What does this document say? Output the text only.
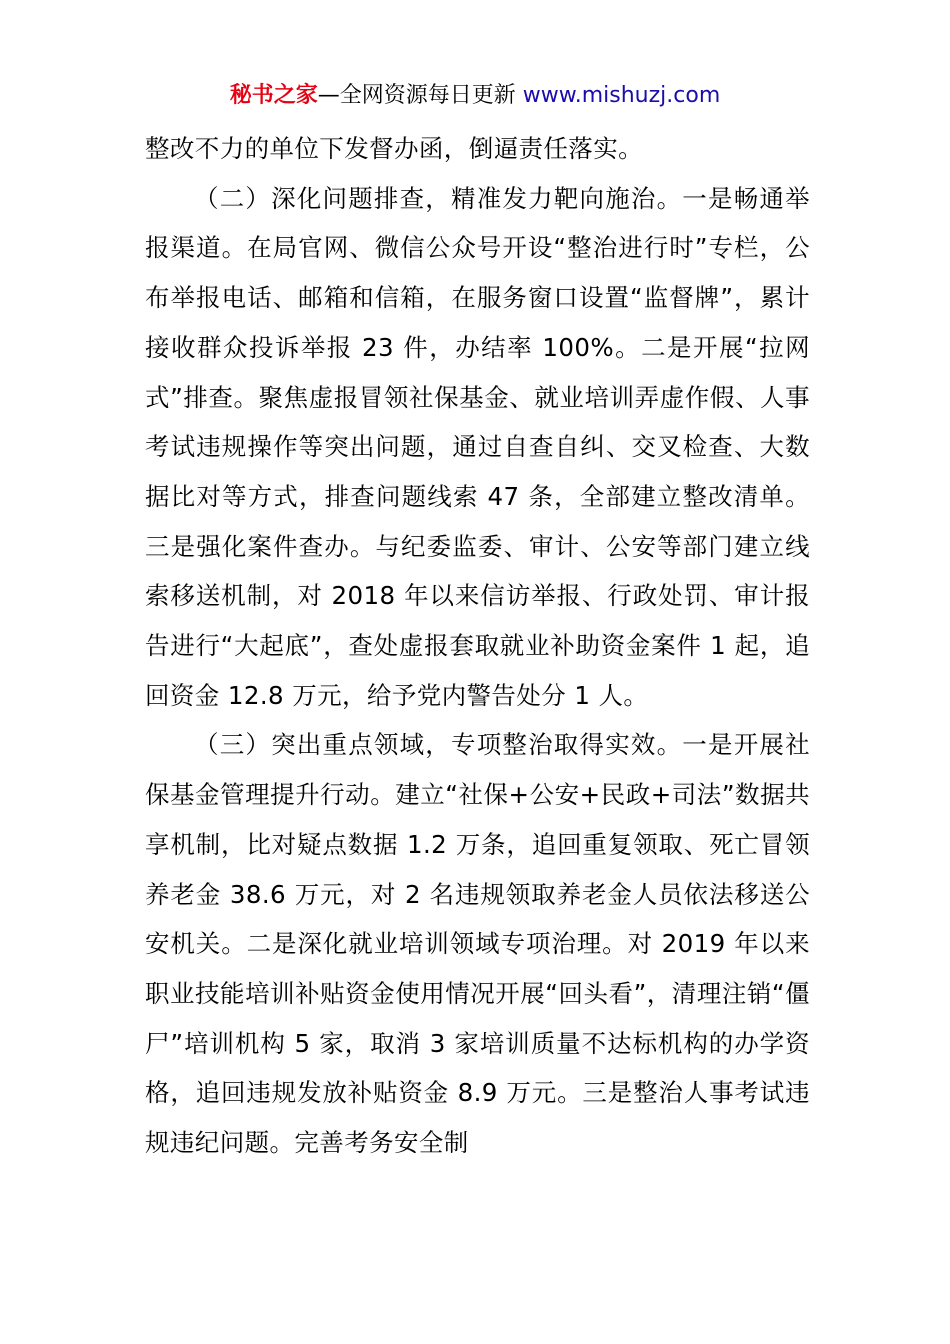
秘书之家—全网资源每日更新 www.mishuzj.com

整改不力的单位下发督办函，倒逼责任落实。

（二）深化问题排查，精准发力靶向施治。一是畅通举报渠道。在局官网、微信公众号开设“整治进行时”专栏，公布举报电话、邮箱和信箱，在服务窗口设置“监督牌”，累计接收群众投诉举报 23 件，办结率 100%。二是开展“拉网式”排查。聚焦虚报冒领社保基金、就业培训弄虚作假、人事考试违规操作等突出问题，通过自查自纠、交叉检查、大数据比对等方式，排查问题线索 47 条，全部建立整改清单。三是强化案件查办。与纪委监委、审计、公安等部门建立线索移送机制，对 2018 年以来信访举报、行政处罚、审计报告进行“大起底”，查处虚报套取就业补助资金案件 1 起，追回资金 12.8 万元，给予党内警告处分 1 人。

（三）突出重点领域，专项整治取得实效。一是开展社保基金管理提升行动。建立“社保+公安+民政+司法”数据共享机制，比对疑点数据 1.2 万条，追回重复领取、死亡冒领养老金 38.6 万元，对 2 名违规领取养老金人员依法移送公安机关。二是深化就业培训领域专项治理。对 2019 年以来职业技能培训补贴资金使用情况开展“回头看”，清理注销“僵尸”培训机构 5 家，取消 3 家培训质量不达标机构的办学资格，追回违规发放补贴资金 8.9 万元。三是整治人事考试违规违纪问题。完善考务安全制
